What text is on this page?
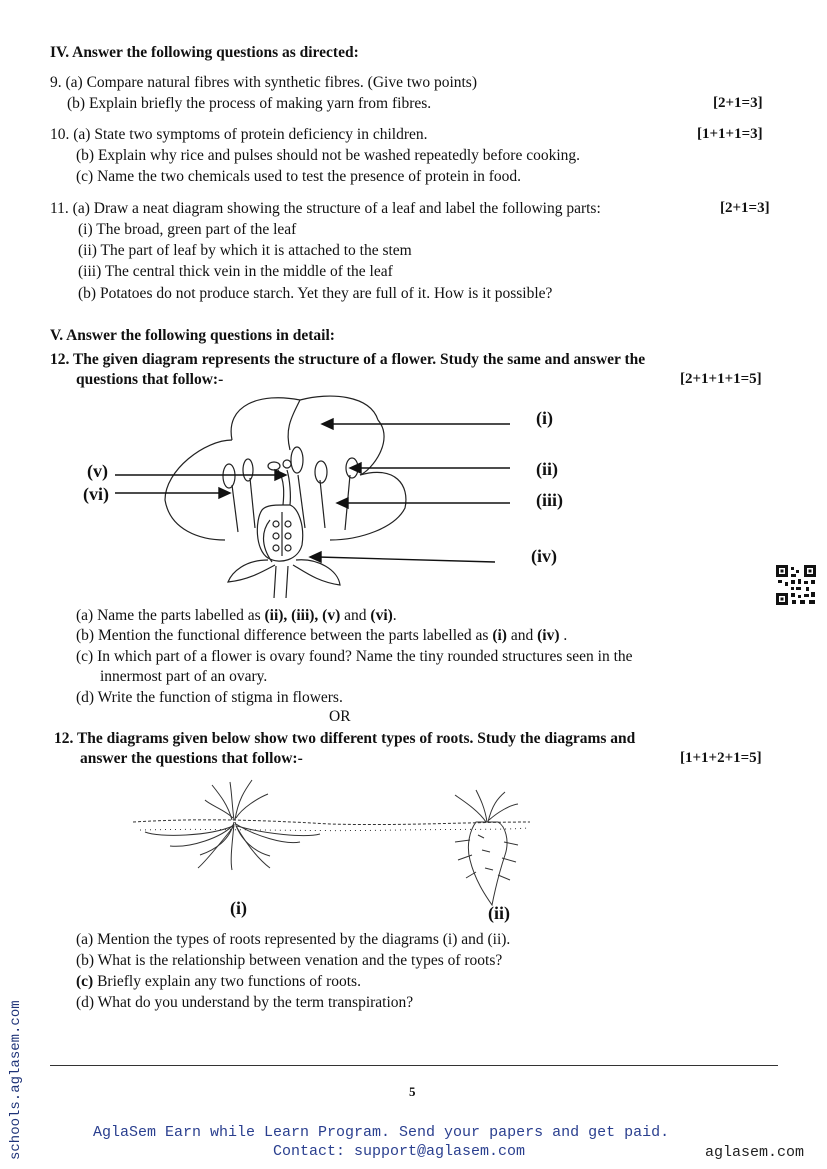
IV. Answer the following questions as directed:
9. (a) Compare natural fibres with synthetic fibres. (Give two points)
(b) Explain briefly the process of making yarn from fibres.	[2+1=3]
10. (a) State two symptoms of protein deficiency in children.	[1+1+1=3]
(b) Explain why rice and pulses should not be washed repeatedly before cooking.
(c) Name the two chemicals used to test the presence of protein in food.
11. (a) Draw a neat diagram showing the structure of a leaf and label the following parts:	[2+1=3]
(i) The broad, green part of the leaf
(ii) The part of leaf by which it is attached to the stem
(iii) The central thick vein in the middle of the leaf
(b) Potatoes do not produce starch. Yet they are full of it. How is it possible?
V. Answer the following questions in detail:
12. The given diagram represents the structure of a flower. Study the same and answer the
questions that follow:-	[2+1+1+1=5]
(i)
(ii)
(iii)
(iv)
(v)
(vi)
(a) Name the parts labelled as (ii), (iii), (v) and (vi).
(b) Mention the functional difference between the parts labelled as (i) and (iv) .
(c) In which part of a flower is ovary found? Name the tiny rounded structures seen in the
innermost part of an ovary.
(d) Write the function of stigma in flowers.
OR
12. The diagrams given below show two different types of roots. Study the diagrams and
answer the questions that follow:-	[1+1+2+1=5]
(i)	(ii)
(a) Mention the types of roots represented by the diagrams (i) and (ii).
(b) What is the relationship between venation and the types of roots?
(c) Briefly explain any two functions of roots.
(d) What do you understand by the term transpiration?
5
AglaSem Earn while Learn Program. Send your papers and get paid.
Contact: support@aglasem.com	aglasem.com
schools.aglasem.com
